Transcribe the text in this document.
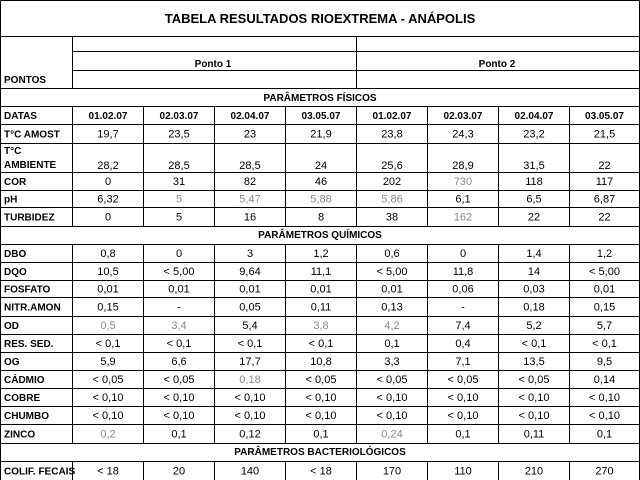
TABELA RESULTADOS RIOEXTREMA - ANÁPOLIS
Ponto 1	Ponto 2
PONTOS
PARÂMETROS FÍSICOS
PARÂMETROS QUÍMICOS
PARÂMETROS BACTERIOLÓGICOS
DATAS	01.02.07	02.03.07	02.04.07	03.05.07	01.02.07	02.03.07	02.04.07	03.05.07
T°C AMOST	19,7	23,5	23	21,9	23,8	24,3	23,2	21,5
T°C
AMBIENTE	28,2	28,5	28,5	24	25,6	28,9	31,5	22
COR	0	31	82	46	202	730	118	117
pH	6,32	5	5,47	5,88	5,86	6,1	6,5	6,87
TURBIDEZ	0	5	16	8	38	162	22	22
DBO	0,8	0	3	1,2	0,6	0	1,4	1,2
DQO	10,5	< 5,00	9,64	11,1	< 5,00	11,8	14	< 5,00
FOSFATO	0,01	0,01	0,01	0,01	0,01	0,06	0,03	0,01
NITR.AMON	0,15	-	0,05	0,11	0,13	-	0,18	0,15
OD	0,5	3,4	5,4	3,8	4,2	7,4	5,2	5,7
RES. SED.	< 0,1	< 0,1	< 0,1	< 0,1	0,1	0,4	< 0,1	< 0,1
OG	5,9	6,6	17,7	10,8	3,3	7,1	13,5	9,5
CÁDMIO	< 0,05	< 0,05	0,18	< 0,05	< 0,05	< 0,05	< 0,05	0,14
COBRE	< 0,10	< 0,10	< 0,10	< 0,10	< 0,10	< 0,10	< 0,10	< 0,10
CHUMBO	< 0,10	< 0,10	< 0,10	< 0,10	< 0,10	< 0,10	< 0,10	< 0,10
ZINCO	0,2	0,1	0,12	0,1	0,24	0,1	0,11	0,1
COLIF. FECAIS < 18	20	140	< 18	170	110	210	270
